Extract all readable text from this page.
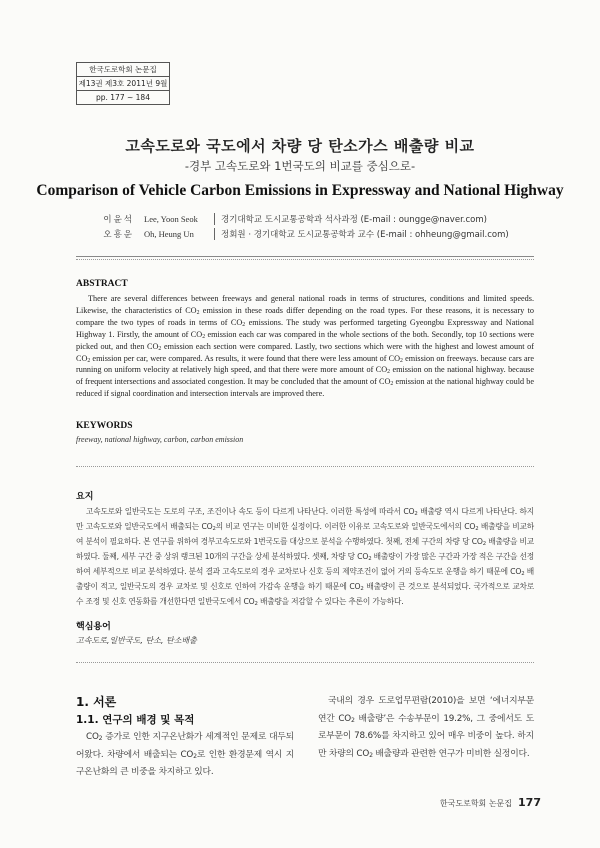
한국도로학회 논문집
제13권 제3호 2011년 9월
pp. 177 ~ 184
고속도로와 국도에서 차량 당 탄소가스 배출량 비교
-경부 고속도로와 1번국도의 비교를 중심으로-
Comparison of Vehicle Carbon Emissions in Expressway and National Highway
이윤석 Lee, Yoon Seok	경기대학교 도시교통공학과 석사과정 (E-mail : oungge@naver.com)
오흥운 Oh, Heung Un	정회원 · 경기대학교 도시교통공학과 교수 (E-mail : ohheung@gmail.com)
ABSTRACT
There are several differences between freeways and general national roads in terms of structures, conditions and limited speeds. Likewise, the characteristics of $CO_2$ emission in these roads differ depending on the road types. For these reasons, it is necessary to compare the two types of roads in terms of $CO_2$ emissions. The study was performed targeting Gyeongbu Expressway and National Highway 1. Firstly, the amount of $CO_2$ emission each car was compared in the whole sections of the both. Secondly, top 10 sections were picked out, and then $CO_2$ emission each section were compared. Lastly, two sections which were with the highest and lowest amount of $CO_2$ emission per car, were compared. As results, it were found that there were less amount of $CO_2$ emission on freeways. because cars are running on uniform velocity at relatively high speed, and that there were more amount of $CO_2$ emission on the national highway. because of frequent intersections and associated congestion. It may be concluded that the amount of $CO_2$ emission at the national highway could be reduced if signal coordination and intersection intervals are improved there.
KEYWORDS
freeway, national highway, carbon, carbon emission
요지
고속도로와 일반국도는 도로의 구조, 조건이나 속도 등이 다르게 나타난다. 이러한 특성에 따라서 $CO_2$ 배출량 역시 다르게 나타난다. 하지만 고속도로와 일반국도에서 배출되는 $CO_2$의 비교 연구는 미비한 실정이다. 이러한 이유로 고속도로와 일반국도에서의 $CO_2$ 배출량을 비교하여 분석이 필요하다. 본 연구를 위하여 경부고속도로와 1번국도를 대상으로 분석을 수행하였다. 첫째, 전체 구간의 차량 당 $CO_2$ 배출량을 비교하였다. 둘째, 세부 구간 중 상위 랭크된 10개의 구간을 상세 분석하였다. 셋째, 차량 당 $CO_2$ 배출량이 가장 많은 구간과 가장 적은 구간을 선정하여 세부적으로 비교 분석하였다. 분석 결과 고속도로의 경우 교차로나 신호 등의 제약조건이 없어 거의 등속도로 운행을 하기 때문에 $CO_2$ 배출량이 적고, 일반국도의 경우 교차로 및 신호로 인하여 가감속 운행을 하기 때문에 $CO_2$ 배출량이 큰 것으로 분석되었다. 국가적으로 교차로 수 조정 및 신호 연동화를 개선한다면 일반국도에서 $CO_2$ 배출량을 저감할 수 있다는 추론이 가능하다.
핵심용어
고속도로,일반국도, 탄소, 탄소배출
1. 서론
1.1. 연구의 배경 및 목적
$CO_2$ 증가로 인한 지구온난화가 세계적인 문제로 대두되어왔다. 차량에서 배출되는 $CO_2$로 인한 환경문제 역시 지구온난화의 큰 비중을 차지하고 있다.
국내의 경우 도로업무편람(2010)을 보면 ‘에너지부문 연간 $CO_2$ 배출량’은 수송부문이 19.2%, 그 중에서도 도로부문이 78.6%를 차지하고 있어 매우 비중이 높다. 하지만 차량의 $CO_2$ 배출량과 관련한 연구가 미비한 실정이다.
한국도로학회 논문집 177
